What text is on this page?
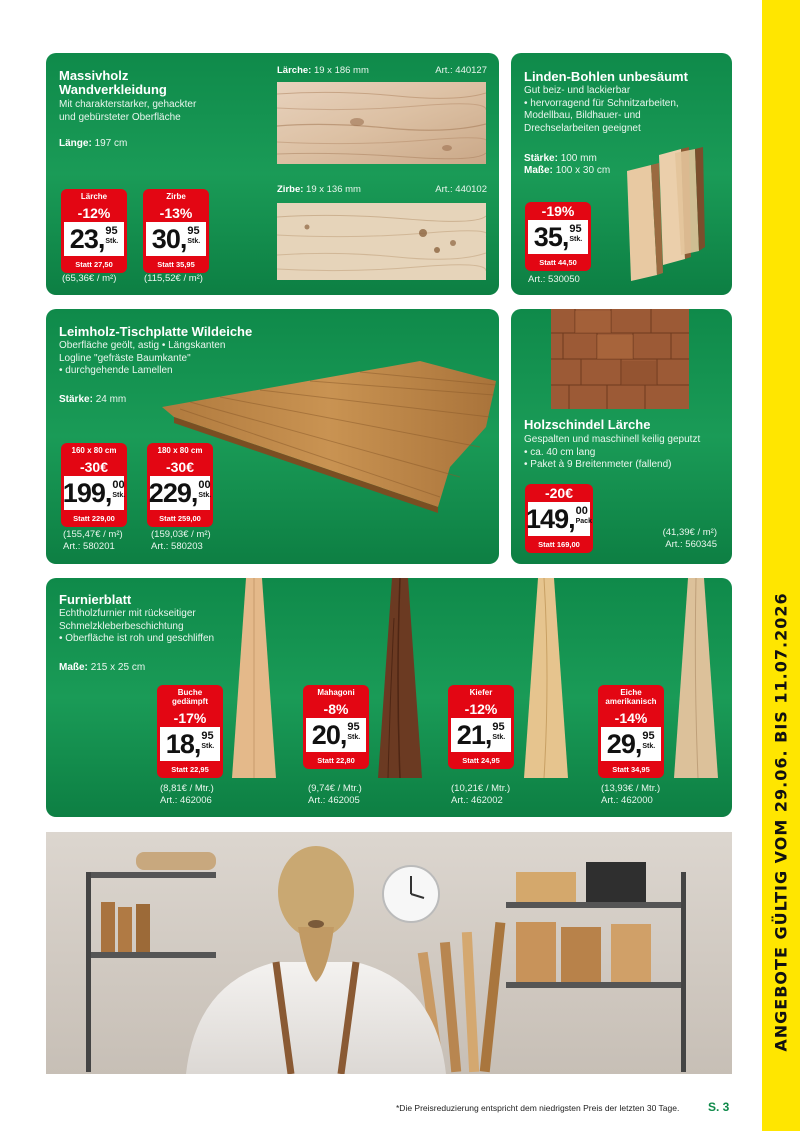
Massivholz Wandverkleidung
Mit charakterstarker, gehackter
und gebürsteter Oberfläche
Länge: 197 cm
Lärche
-12%
23 , 95
Stk.
Statt 27,50
(65,36€ / m²)
Zirbe
-13%
30 , 95
Stk.
Statt 35,95
(115,52€ / m²)
Lärche: 19 x 186 mm	Art.: 440127
Zirbe: 19 x 136 mm	Art.: 440102
Linden-Bohlen unbesäumt
Gut beiz- und lackierbar
• hervorragend für Schnitzarbeiten,
Modellbau, Bildhauer- und
Drechselarbeiten geeignet
Stärke: 100 mm
Maße: 100 x 30 cm
-19%
35 , 95
Stk.
Statt 44,50
Art.: 530050
Leimholz-Tischplatte Wildeiche
Oberfläche geölt, astig • Längskanten
Logline "gefräste Baumkante"
• durchgehende Lamellen
Stärke: 24 mm
160 x 80 cm
-30€
199 , 00
Stk.
Statt 229,00
(155,47€ / m²)
Art.: 580201
180 x 80 cm
-30€
229 , 00
Stk.
Statt 259,00
(159,03€ / m²)
Art.: 580203
Holzschindel Lärche
Gespalten und maschinell keilig geputzt
• ca. 40 cm lang
• Paket à 9 Breitenmeter (fallend)
-20€
149 , 00
Pack
Statt 169,00
(41,39€ / m²)
Art.: 560345
Furnierblatt
Echtholzfurnier mit rückseitiger
Schmelzkleberbeschichtung
• Oberfläche ist roh und geschliffen
Maße: 215 x 25 cm
Buche gedämpft
-17%
18 , 95
Stk.
Statt 22,95
(8,81€ / Mtr.)
Art.: 462006
Mahagoni
-8%
20 , 95
Stk.
Statt 22,80
(9,74€ / Mtr.)
Art.: 462005
Kiefer
-12%
21 , 95
Stk.
Statt 24,95
(10,21€ / Mtr.)
Art.: 462002
Eiche amerikanisch
-14%
29 , 95
Stk.
Statt 34,95
(13,93€ / Mtr.)
Art.: 462000
*Die Preisreduzierung entspricht dem niedrigsten Preis der letzten 30 Tage. S. 3
ANGEBOTE GÜLTIG VOM 29.06. BIS 11.07.2026
